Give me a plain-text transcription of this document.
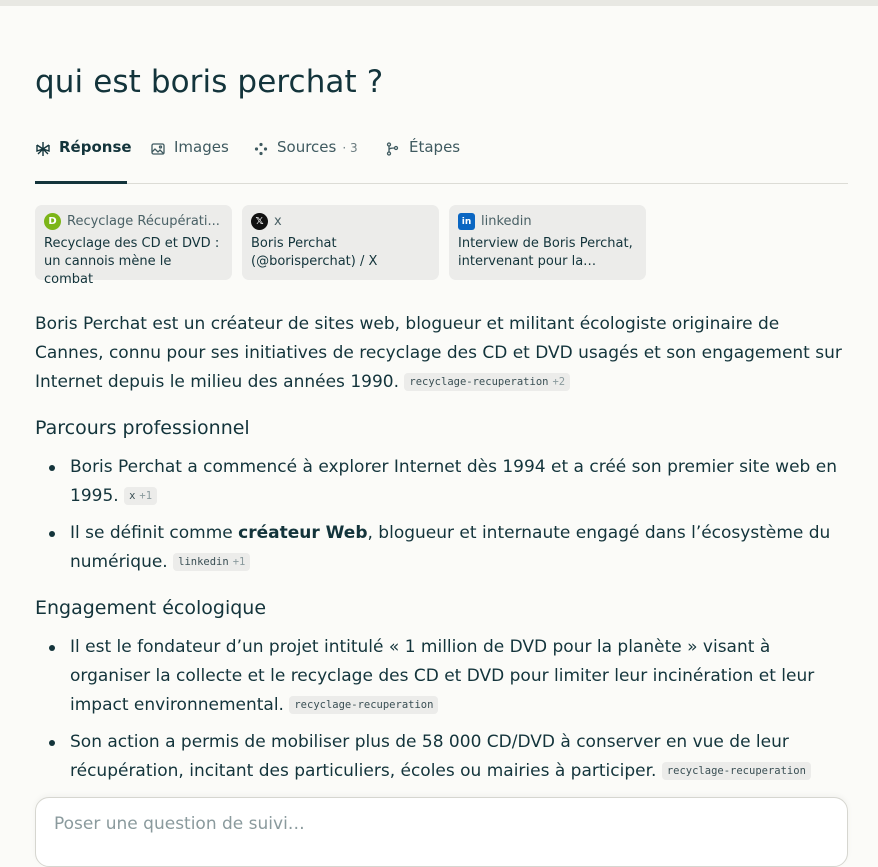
qui est boris perchat ?
Réponse	Images	Sources · 3	Étapes
D Recyclage Récupérati...
Recyclage des CD et DVD : un cannois mène le combat
𝕏 x
Boris Perchat (@borisperchat) / X
in linkedin
Interview de Boris Perchat, intervenant pour la…

Boris Perchat est un créateur de sites web, blogueur et militant écologiste originaire de Cannes, connu pour ses initiatives de recyclage des CD et DVD usagés et son engagement sur Internet depuis le milieu des années 1990. recyclage-recuperation +2

Parcours professionnel
Boris Perchat a commencé à explorer Internet dès 1994 et a créé son premier site web en 1995. x +1
Il se définit comme créateur Web, blogueur et internaute engagé dans l’écosystème du numérique. linkedin +1
Engagement écologique
Il est le fondateur d’un projet intitulé « 1 million de DVD pour la planète » visant à organiser la collecte et le recyclage des CD et DVD pour limiter leur incinération et leur impact environnemental. recyclage-recuperation
Son action a permis de mobiliser plus de 58 000 CD/DVD à conserver en vue de leur récupération, incitant des particuliers, écoles ou mairies à participer. recyclage-recuperation
Poser une question de suivi…
